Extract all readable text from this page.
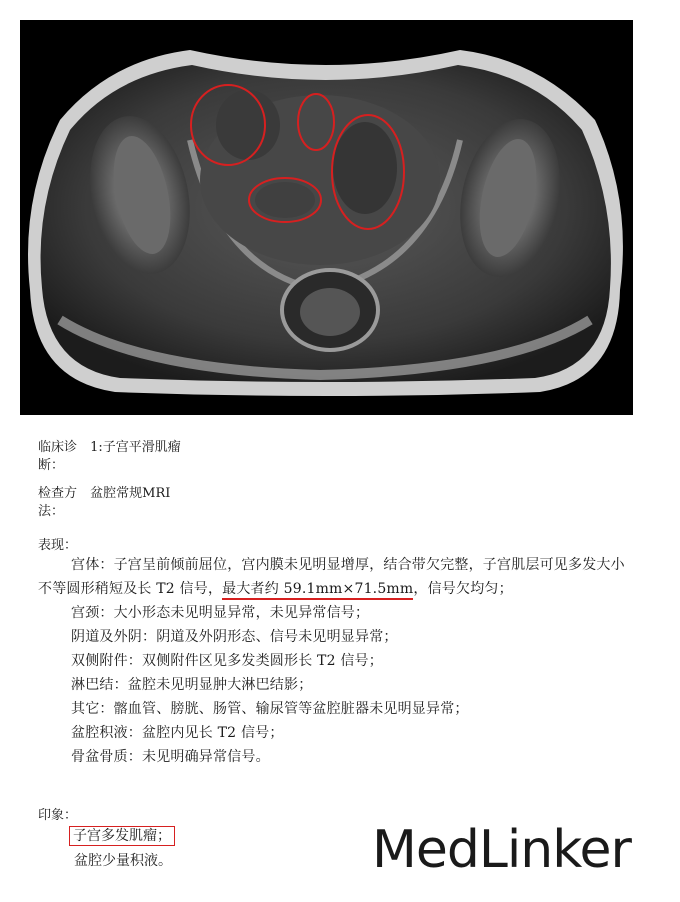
临床诊断： 1:子宫平滑肌瘤
检查方法： 盆腔常规MRI
表现：
宫体：子宫呈前倾前屈位，宫内膜未见明显增厚，结合带欠完整，子宫肌层可见多发大小不等圆形稍短及长 T2 信号，最大者约 59.1mm×71.5mm，信号欠均匀；
宫颈：大小形态未见明显异常，未见异常信号；
阴道及外阴：阴道及外阴形态、信号未见明显异常；
双侧附件：双侧附件区见多发类圆形长 T2 信号；
淋巴结：盆腔未见明显肿大淋巴结影；
其它：髂血管、膀胱、肠管、输尿管等盆腔脏器未见明显异常；
盆腔积液：盆腔内见长 T2 信号；
骨盆骨质：未见明确异常信号。
印象：
子宫多发肌瘤；
盆腔少量积液。	MedLinker
